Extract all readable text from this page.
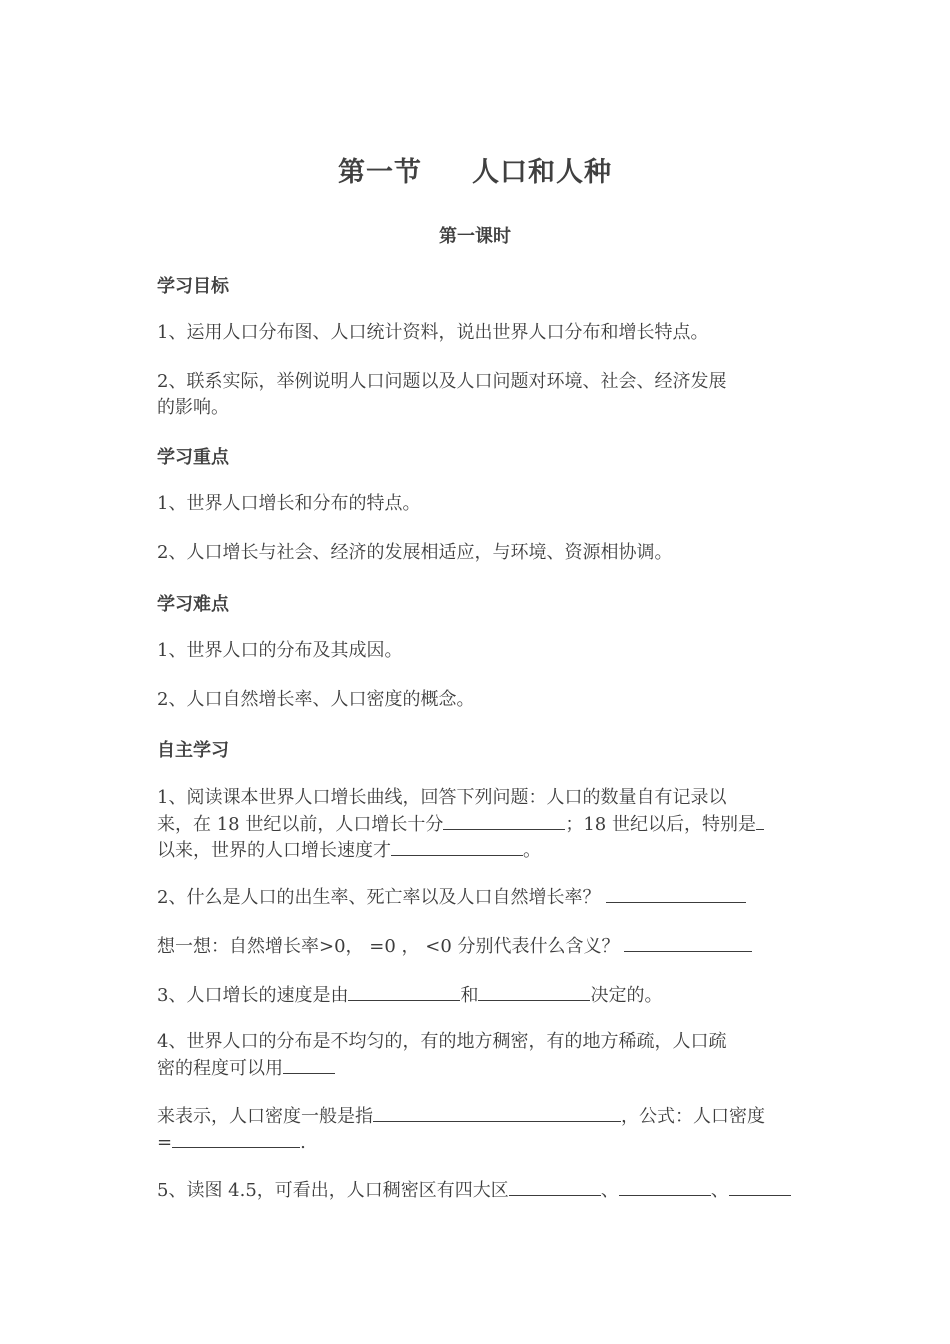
第一节 人口和人种
第一课时
学习目标
1、运用人口分布图、人口统计资料，说出世界人口分布和增长特点。
2、联系实际，举例说明人口问题以及人口问题对环境、社会、经济发展
的影响。
学习重点
1、世界人口增长和分布的特点。
2、人口增长与社会、经济的发展相适应，与环境、资源相协调。
学习难点
1、世界人口的分布及其成因。
2、人口自然增长率、人口密度的概念。
自主学习
1、阅读课本世界人口增长曲线，回答下列问题：人口的数量自有记录以
来，在 18 世纪以前，人口增长十分	；18 世纪以后，特别是
以来，世界的人口增长速度才	。
2、什么是人口的出生率、死亡率以及人口自然增长率？
想一想：自然增长率>0， =0 ， <0 分别代表什么含义？
3、人口增长的速度是由	和	决定的。
4、世界人口的分布是不均匀的，有的地方稠密，有的地方稀疏，人口疏
密的程度可以用
来表示，人口密度一般是指	，公式：人口密度
=	.
5、读图 4.5，可看出，人口稠密区有四大区	、	、
